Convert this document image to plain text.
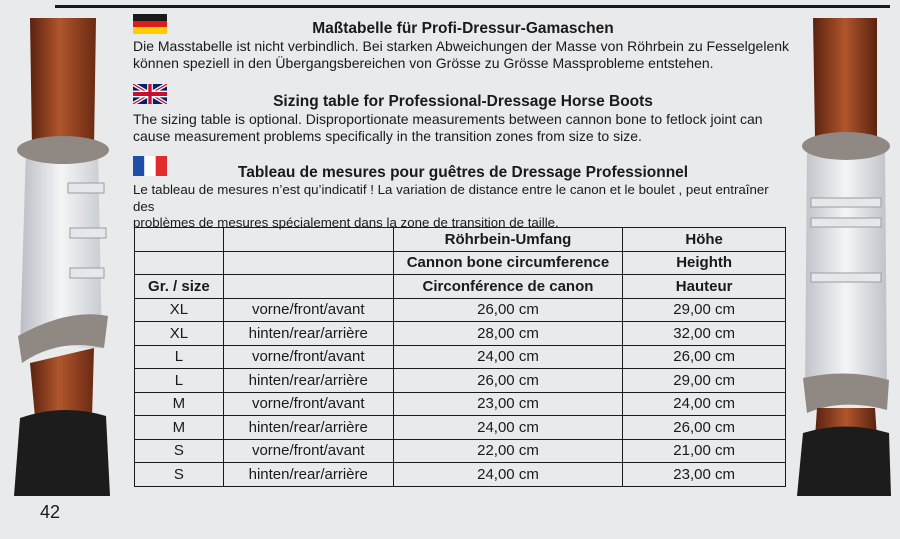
Maßtabelle für Profi-Dressur-Gamaschen
Die Masstabelle ist nicht verbindlich. Bei starken Abweichungen der Masse von Röhrbein zu Fesselgelenk
können speziell in den Übergangsbereichen von Grösse zu Grösse Massprobleme entstehen.
Sizing table for Professional-Dressage Horse Boots
The sizing table is optional. Disproportionate measurements between cannon bone to fetlock joint can
cause measurement problems specifically in the transition zones from size to size.
Tableau de mesures pour guêtres de Dressage Professionnel
Le tableau de mesures n’est qu’indicatif ! La variation de distance entre le canon et le boulet , peut entraîner des
problèmes de mesures spécialement dans la zone de transition de taille.
		Röhrbein-Umfang	Höhe
		Cannon bone circumference	Heighth
Gr. / size		Circonférence de canon	Hauteur
XL	vorne/front/avant	26,00 cm	29,00 cm
XL	hinten/rear/arrière	28,00 cm	32,00 cm
L	vorne/front/avant	24,00 cm	26,00 cm
L	hinten/rear/arrière	26,00 cm	29,00 cm
M	vorne/front/avant	23,00 cm	24,00 cm
M	hinten/rear/arrière	24,00 cm	26,00 cm
S	vorne/front/avant	22,00 cm	21,00 cm
S	hinten/rear/arrière	24,00 cm	23,00 cm
42
